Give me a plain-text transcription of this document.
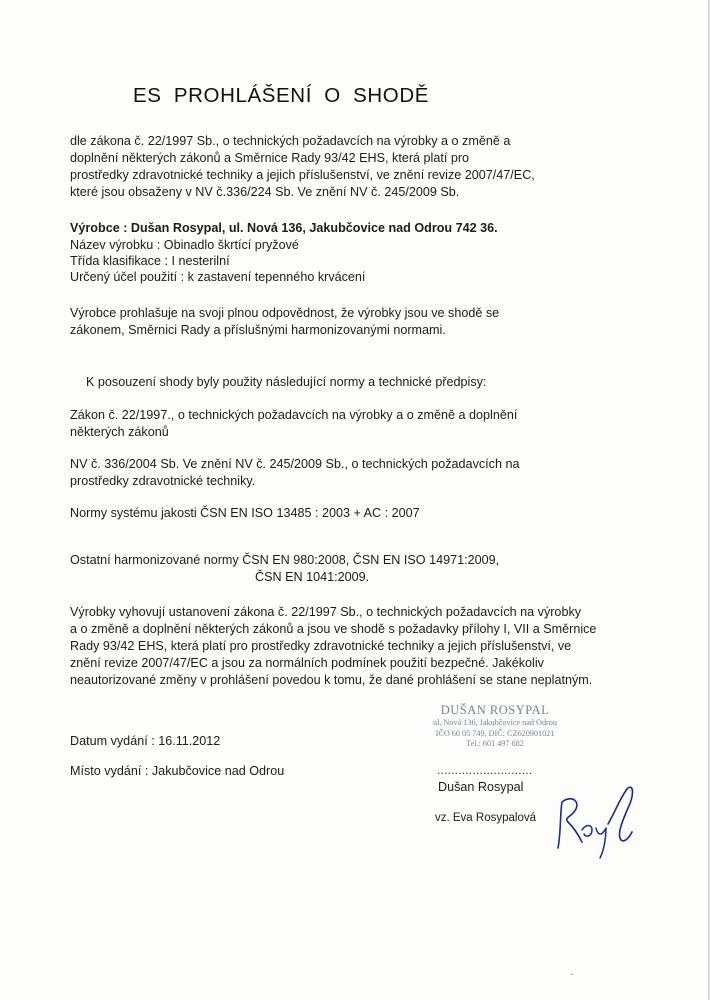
ES PROHLÁŠENÍ O SHODĚ
dle zákona č. 22/1997 Sb., o technických požadavcích na výrobky a o změně a
doplnění některých zákonů a Směrnice Rady 93/42 EHS, která platí pro
prostředky zdravotnické techniky a jejich příslušenství, ve znění revize 2007/47/EC,
které jsou obsaženy v NV č.336/224 Sb. Ve znění NV č. 245/2009 Sb.
Výrobce : Dušan Rosypal, ul. Nová 136, Jakubčovice nad Odrou 742 36.
Název výrobku : Obinadlo škrtící pryžové
Třída klasifikace : I nesterilní
Určený účel použití : k zastavení tepenného krvácení
Výrobce prohlašuje na svoji plnou odpovědnost, že výrobky jsou ve shodě se
zákonem, Směrnici Rady a příslušnými harmonizovanými normami.
K posouzení shody byly použity následující normy a technické předpisy:
Zákon č. 22/1997., o technických požadavcích na výrobky a o změně a doplnění
některých zákonů
NV č. 336/2004 Sb. Ve znění NV č. 245/2009 Sb., o technických požadavcích na
prostředky zdravotnické techniky.
Normy systému jakosti ČSN EN ISO 13485 : 2003 + AC : 2007
Ostatní harmonizované normy ČSN EN 980:2008, ČSN EN ISO 14971:2009,
ČSN EN 1041:2009.
Výrobky vyhovují ustanovení zákona č. 22/1997 Sb., o technických požadavcích na výrobky
a o změně a doplnění některých zákonů a jsou ve shodě s požadavky přílohy I, VII a Směrnice
Rady 93/42 EHS, která platí pro prostředky zdravotnické techniky a jejich příslušenství, ve
znění revize 2007/47/EC a jsou za normálních podmínek použití bezpečné. Jakékoliv
neautorizované změny v prohlášení povedou k tomu, že dané prohlášení se stane neplatným.
Datum vydání : 16.11.2012
Místo vydání : Jakubčovice nad Odrou
DUŠAN ROSYPAL
ul. Nová 136, Jakubčovice nad Odrou
IČO 60 05 749, DIČ: CZ620901021
Tel.: 601 497 682
...........................
Dušan Rosypal
vz. Eva Rosypalová
ˇ
